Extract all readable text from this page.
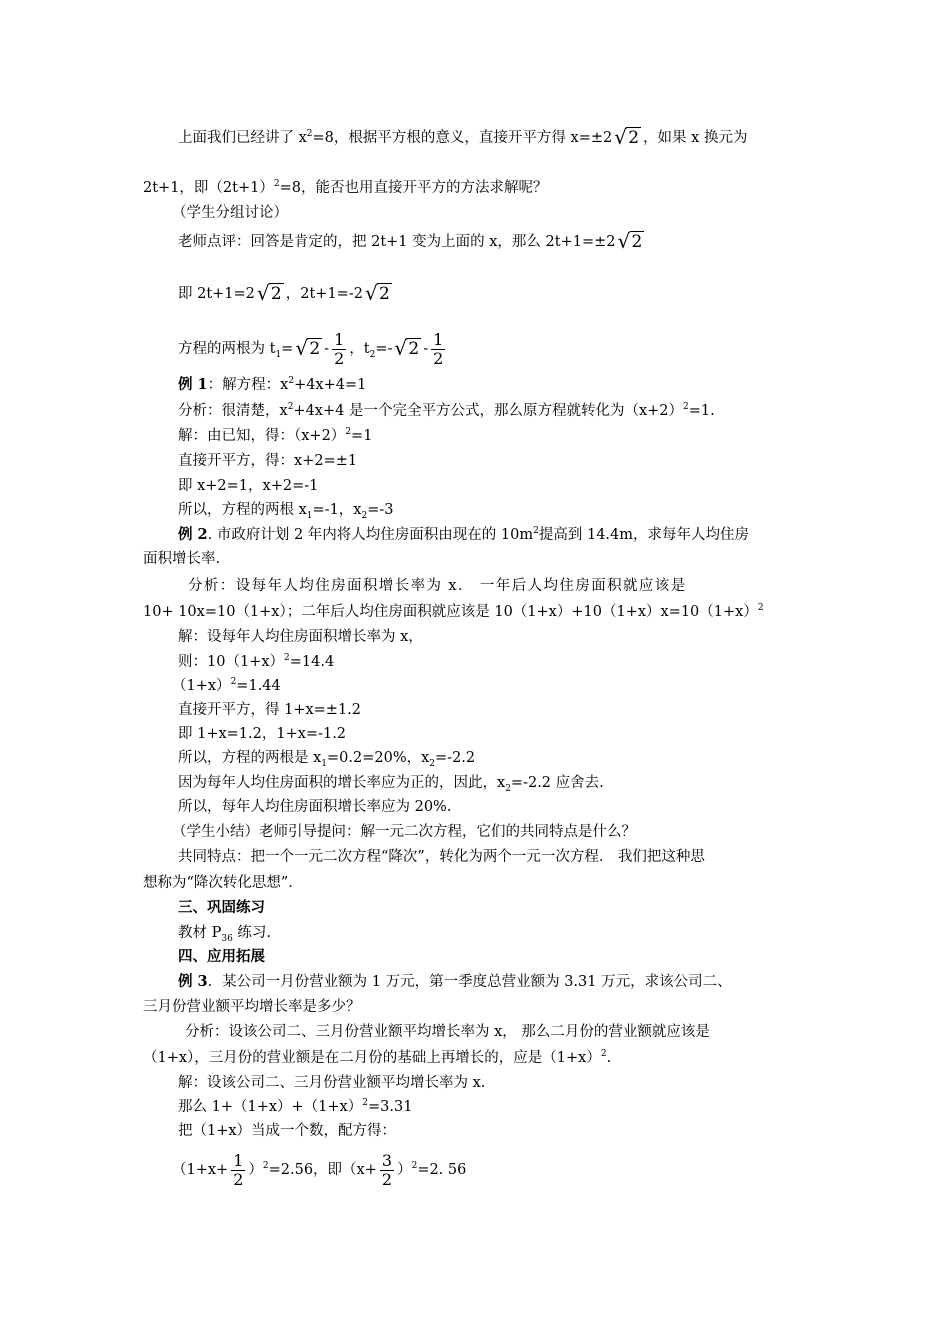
上面我们已经讲了 $x^2=8$，根据平方根的意义，直接开平方得 x=±2 √ 2 ，如果 x 换元为
2t+1，即$(2t+1)^2=8$，能否也用直接开平方的方法求解呢？
（学生分组讨论）
老师点评：回答是肯定的，把 2t+1 变为上面的 x，那么 2t+1=±2 √ 2
即 2t+1=2 √ 2 ，2t+1=-2 √ 2
方程的两根为 $t_1=$ √ $2 - \frac{1}{2}$ ，$t_2=-$ √ $2 - \frac{1}{2}$
例 1：解方程：$x^2+4x+4=1$
分析：很清楚，$x^2+4x+4$ 是一个完全平方公式，那么原方程就转化为$(x+2)^2=1$.
解：由已知，得：$(x+2)^2=1$
直接开平方，得：x+2=±1
即 x+2=1，x+2=-1
所以，方程的两根 $x_1=-1$，$x_2=-3$
例 2. 市政府计划 2 年内将人均住房面积由现在的 $10m^2$提高到 14.4m，求每年人均住房
面积增长率.
分析：设每年人均住房面积增长率为 x． 一年后人均住房面积就应该是
10+ 10x=10（1+x）；二年后人均住房面积就应该是 $10(1+x)+10(1+x)x=10(1+x)^2$
解：设每年人均住房面积增长率为 x，
则：$10(1+x)^2=14.4$
$(1+x)^2=1.44$
直接开平方，得 1+x=±1.2
即 1+x=1.2，1+x=-1.2
所以，方程的两根是 $x_1=0.2=20\%$，$x_2=-2.2$
因为每年人均住房面积的增长率应为正的，因此，$x_2=-2.2$ 应舍去.
所以，每年人均住房面积增长率应为 20%.
（学生小结）老师引导提问：解一元二次方程，它们的共同特点是什么？
共同特点：把一个一元二次方程“降次”，转化为两个一元一次方程． 我们把这种思
想称为“降次转化思想”．
三、巩固练习
教材 $P_{36}$ 练习.
四、应用拓展
例 3．某公司一月份营业额为 1 万元，第一季度总营业额为 3.31 万元，求该公司二、
三月份营业额平均增长率是多少？
分析：设该公司二、三月份营业额平均增长率为 x， 那么二月份的营业额就应该是
（1+x），三月份的营业额是在二月份的基础上再增长的，应是$(1+x)^2$.
解：设该公司二、三月份营业额平均增长率为 x.
那么 $1+(1+x)+(1+x)^2=3.31$
把（1+x）当成一个数，配方得：
$(1+x+ \frac{1}{2} )^2=2.56$，即$(x+ \frac{3}{2} )^2=2$. 56
